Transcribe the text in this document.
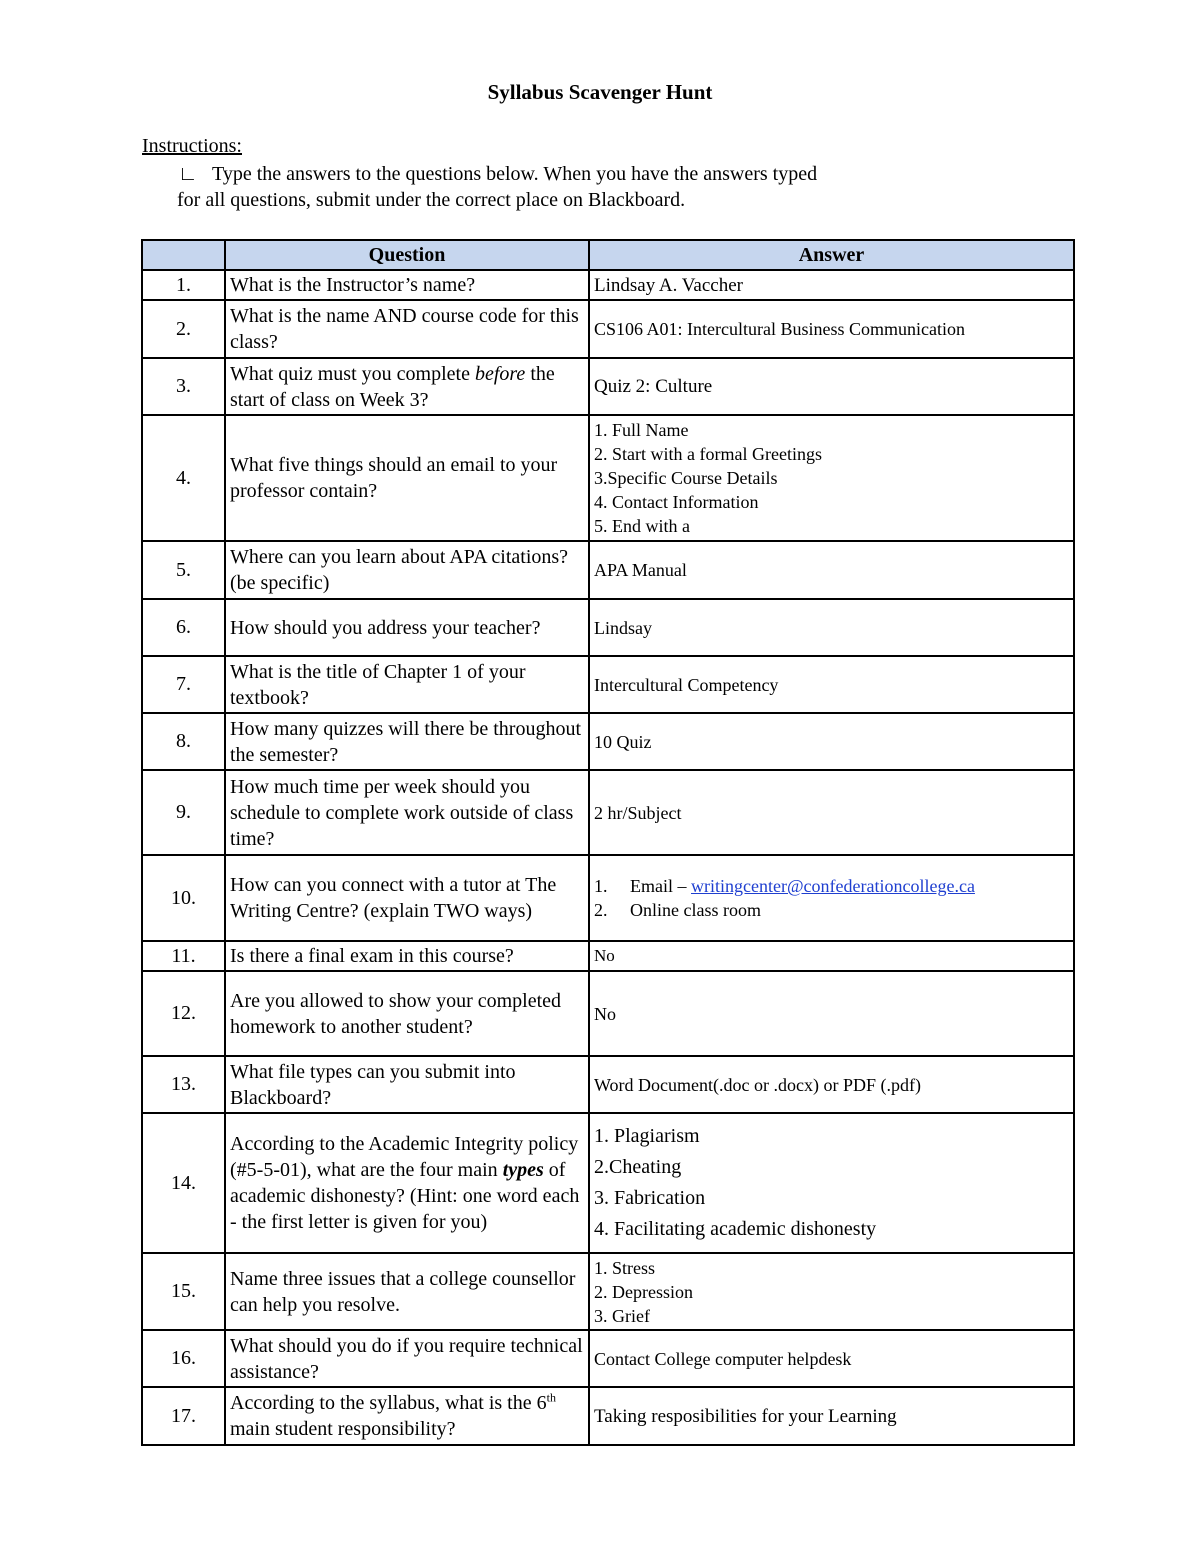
Syllabus Scavenger Hunt
Instructions:
∟ Type the answers to the questions below. When you have the answers typed
for all questions, submit under the correct place on Blackboard.
	Question	Answer
1.	What is the Instructor’s name?	Lindsay A. Vaccher

2.	What is the name AND course code for this class?	CS106 A01: Intercultural Business Communication

3.	What quiz must you complete before the start of class on Week 3?	Quiz 2: Culture

4.	What five things should an email to your professor contain?	1. Full Name
2. Start with a formal Greetings
3.Specific Course Details
4. Contact Information
5. End with a

5.	Where can you learn about APA citations? (be specific)	APA Manual

6.	How should you address your teacher?	Lindsay

7.	What is the title of Chapter 1 of your textbook?	Intercultural Competency

8.	How many quizzes will there be throughout the semester?	10 Quiz

9.	How much time per week should you schedule to complete work outside of class time?	2 hr/Subject

10.	How can you connect with a tutor at The Writing Centre? (explain TWO ways)	1. Email – writingcenter@confederationcollege.ca
2. Online class room

11.	Is there a final exam in this course?	No

12.	Are you allowed to show your completed homework to another student?	No

13.	What file types can you submit into Blackboard?	Word Document(.doc or .docx) or PDF (.pdf)

14.	According to the Academic Integrity policy (#5-5-01), what are the four main types of academic dishonesty? (Hint: one word each - the first letter is given for you)	1. Plagiarism
2.Cheating
3. Fabrication
4. Facilitating academic dishonesty

15.	Name three issues that a college counsellor can help you resolve.	1. Stress
2. Depression
3. Grief

16.	What should you do if you require technical assistance?	Contact College computer helpdesk

17.	According to the syllabus, what is the 6th main student responsibility?	Taking resposibilities for your Learning
